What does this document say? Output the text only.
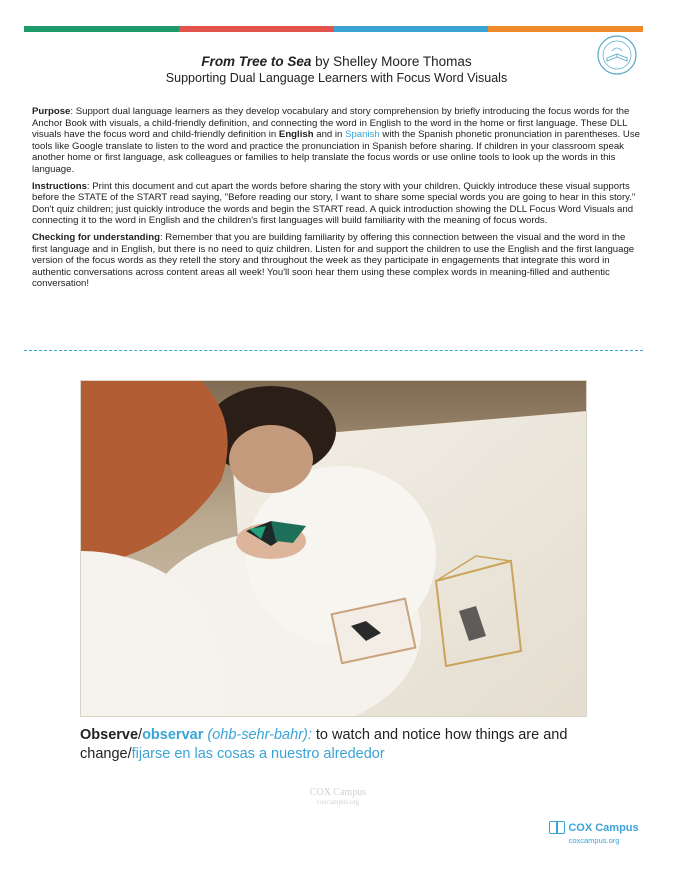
From Tree to Sea by Shelley Moore Thomas
Supporting Dual Language Learners with Focus Word Visuals

Purpose: Support dual language learners as they develop vocabulary and story comprehension by briefly introducing the focus words for the Anchor Book with visuals, a child-friendly definition, and connecting the word in English to the word in the home or first language. These DLL visuals have the focus word and child-friendly definition in English and in Spanish with the Spanish phonetic pronunciation in parentheses. Use tools like Google translate to listen to the word and practice the pronunciation in Spanish before sharing. If children in your classroom speak another home or first language, ask colleagues or families to help translate the focus words or use online tools to look up the words in this language.

Instructions: Print this document and cut apart the words before sharing the story with your children. Quickly introduce these visual supports before the STATE of the START read saying, "Before reading our story, I want to share some special words you are going to hear in this story." Don't quiz children; just quickly introduce the words and begin the START read. A quick introduction showing the DLL Focus Word Visuals and connecting it to the word in English and the children's first languages will build familiarity with the meaning of focus words.

Checking for understanding: Remember that you are building familiarity by offering this connection between the visual and the word in the first language and in English, but there is no need to quiz children. Listen for and support the children to use the English and the first language version of the focus words as they retell the story and throughout the week as they participate in engagements that integrate this word in authentic conversations across content areas all week! You'll soon hear them using these complex words in meaning-filled and authentic conversation!

Observe/observar (ohb-sehr-bahr): to watch and notice how things are and change/fijarse en las cosas a nuestro alrededor
COX Campus
coxcampus.org
COX Campus
coxcampus.org
